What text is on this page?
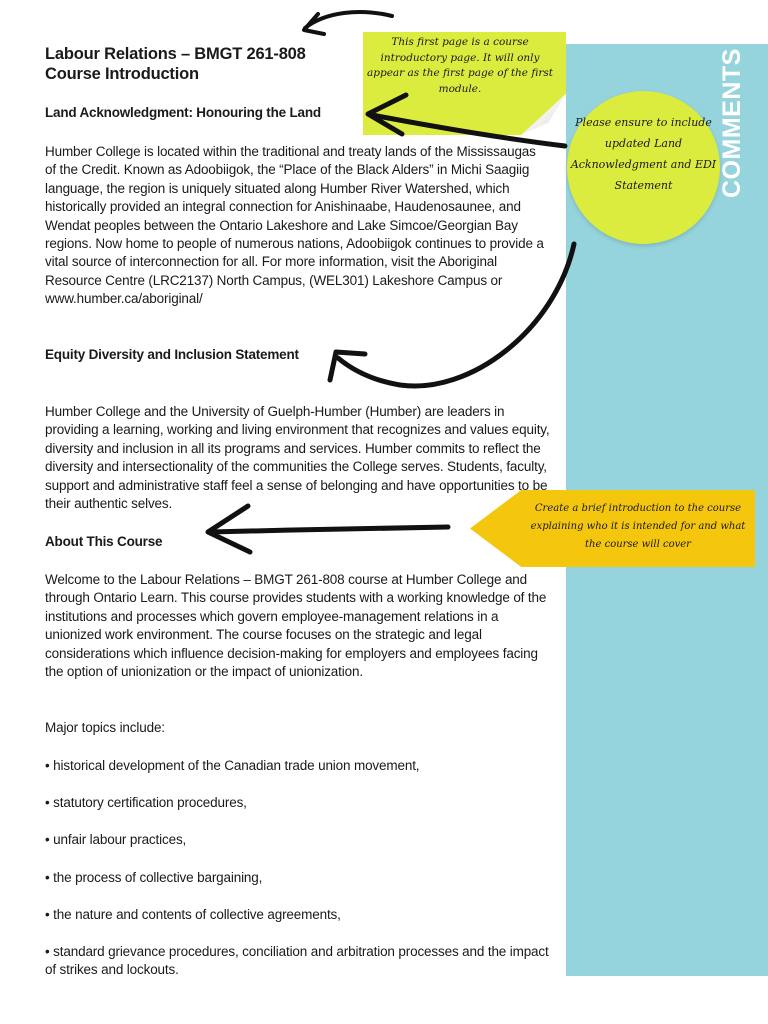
COMMENTS
Labour Relations – BMGT 261-808
Course Introduction
Land Acknowledgment: Honouring the Land
Humber College is located within the traditional and treaty lands of the Mississaugas of the Credit. Known as Adoobiigok, the “Place of the Black Alders” in Michi Saagiig language, the region is uniquely situated along Humber River Watershed, which historically provided an integral connection for Anishinaabe, Haudenosaunee, and Wendat peoples between the Ontario Lakeshore and Lake Simcoe/Georgian Bay regions. Now home to people of numerous nations, Adoobiigok continues to provide a vital source of interconnection for all. For more information, visit the Aboriginal Resource Centre (LRC2137) North Campus, (WEL301) Lakeshore Campus or www.humber.ca/aboriginal/
Equity Diversity and Inclusion Statement
Humber College and the University of Guelph-Humber (Humber) are leaders in providing a learning, working and living environment that recognizes and values equity, diversity and inclusion in all its programs and services. Humber commits to reflect the diversity and intersectionality of the communities the College serves. Students, faculty, support and administrative staff feel a sense of belonging and have opportunities to be their authentic selves.
About This Course
Welcome to the Labour Relations – BMGT 261-808 course at Humber College and through Ontario Learn. This course provides students with a working knowledge of the institutions and processes which govern employee-management relations in a unionized work environment. The course focuses on the strategic and legal considerations which influence decision-making for employers and employees facing the option of unionization or the impact of unionization.
Major topics include:
• historical development of the Canadian trade union movement,
• statutory certification procedures,
• unfair labour practices,
• the process of collective bargaining,
• the nature and contents of collective agreements,
• standard grievance procedures, conciliation and arbitration processes and the impact of strikes and lockouts.
This first page is a course introductory page. It will only appear as the first page of the first module.
Please ensure to include updated Land Acknowledgment and EDI Statement
Create a brief introduction to the course explaining who it is intended for and what the course will cover
